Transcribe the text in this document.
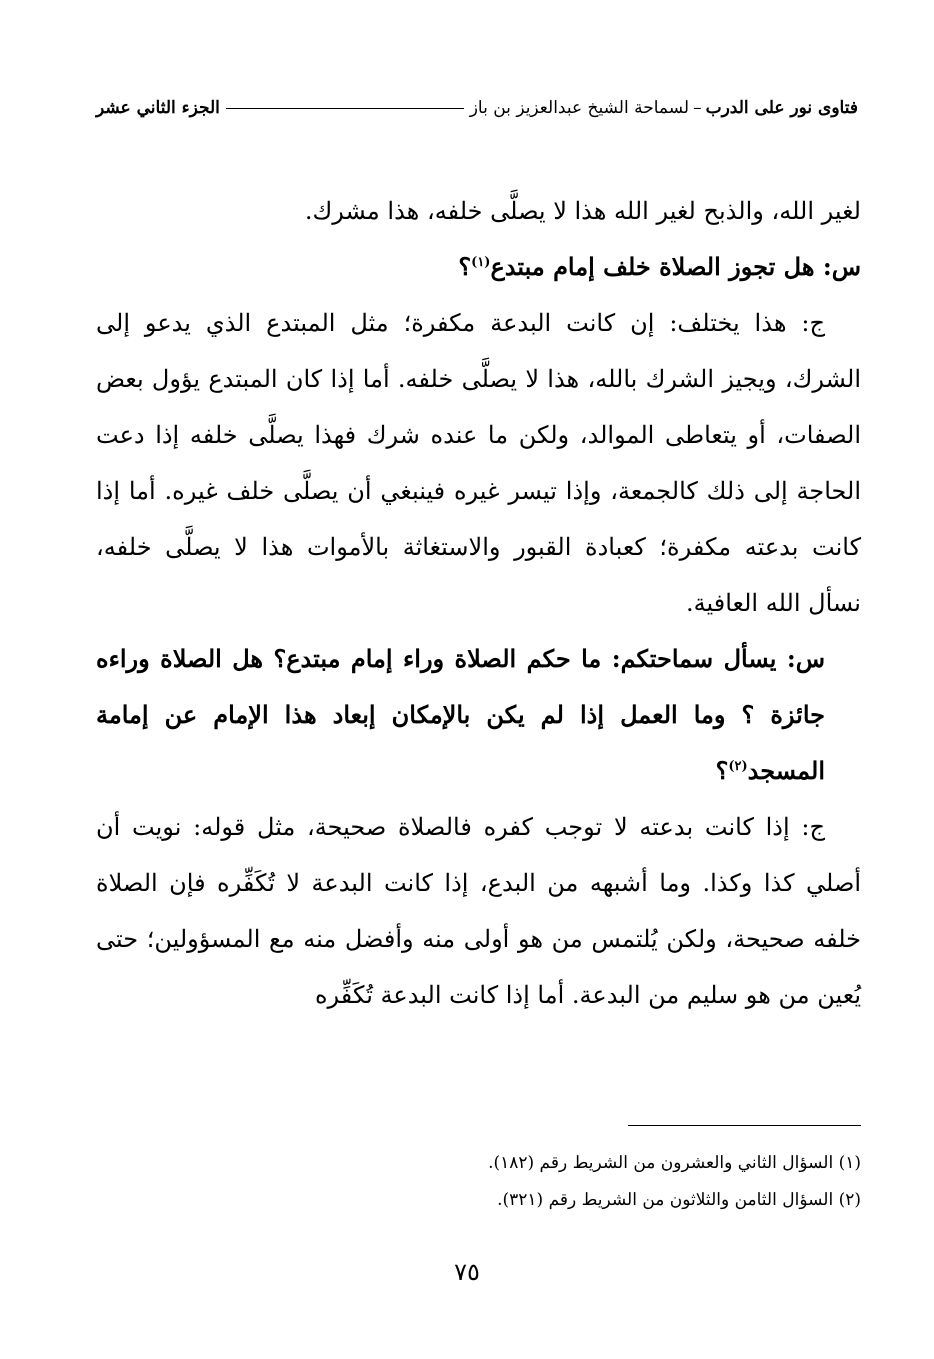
فتاوى نور على الدرب
–
لسماحة الشيخ عبدالعزيز بن باز
الجزء الثاني عشر

لغير الله، والذبح لغير الله هذا لا يصلَّى خلفه، هذا مشرك.

س: هل تجوز الصلاة خلف إمام مبتدع$^{(١)}$؟

ج: هذا يختلف: إن كانت البدعة مكفرة؛ مثل المبتدع الذي يدعو إلى الشرك، ويجيز الشرك بالله، هذا لا يصلَّى خلفه. أما إذا كان المبتدع يؤول بعض الصفات، أو يتعاطى الموالد، ولكن ما عنده شرك فهذا يصلَّى خلفه إذا دعت الحاجة إلى ذلك كالجمعة، وإذا تيسر غيره فينبغي أن يصلَّى خلف غيره. أما إذا كانت بدعته مكفرة؛ كعبادة القبور والاستغاثة بالأموات هذا لا يصلَّى خلفه، نسأل الله العافية.

س: يسأل سماحتكم: ما حكم الصلاة وراء إمام مبتدع؟ هل الصلاة وراءه جائزة ؟ وما العمل إذا لم يكن بالإمكان إبعاد هذا الإمام عن إمامة المسجد$^{(٢)}$؟

ج: إذا كانت بدعته لا توجب كفره فالصلاة صحيحة، مثل قوله: نويت أن أصلي كذا وكذا. وما أشبهه من البدع، إذا كانت البدعة لا تُكَفِّره فإن الصلاة خلفه صحيحة، ولكن يُلتمس من هو أولى منه وأفضل منه مع المسؤولين؛ حتى يُعين من هو سليم من البدعة. أما إذا كانت البدعة تُكَفِّره

(١) السؤال الثاني والعشرون من الشريط رقم (١٨٢).

(٢) السؤال الثامن والثلاثون من الشريط رقم (٣٢١).

٧٥
